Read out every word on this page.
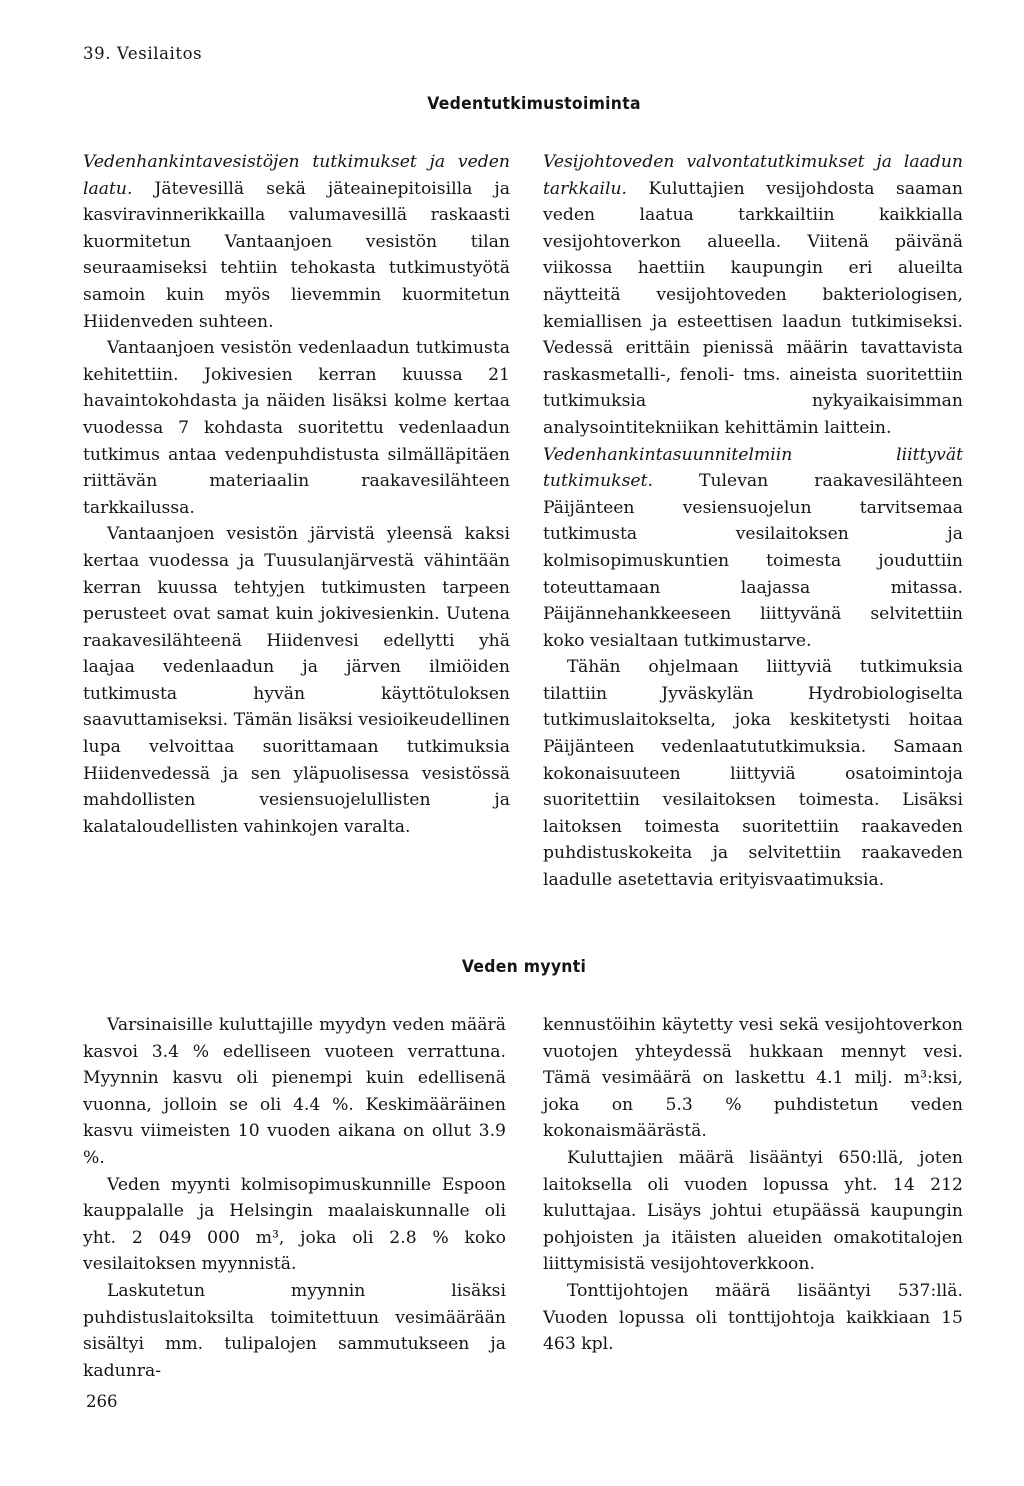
39. Vesilaitos
Vedentutkimustoiminta

Vedenhankintavesistöjen tutkimukset ja veden laatu. Jätevesillä sekä jäteainepitoisilla ja kasviravinnerikkailla valumavesillä raskaasti kuormitetun Vantaanjoen vesistön tilan seuraamiseksi tehtiin tehokasta tutkimustyötä samoin kuin myös lievemmin kuormitetun Hiidenveden suhteen.

Vantaanjoen vesistön vedenlaadun tutkimusta kehitettiin. Jokivesien kerran kuussa 21 havaintokohdasta ja näiden lisäksi kolme kertaa vuodessa 7 kohdasta suoritettu vedenlaadun tutkimus antaa vedenpuhdistusta silmälläpitäen riittävän materiaalin raakavesilähteen tarkkailussa.

Vantaanjoen vesistön järvistä yleensä kaksi kertaa vuodessa ja Tuusulanjärvestä vähintään kerran kuussa tehtyjen tutkimusten tarpeen perusteet ovat samat kuin jokivesienkin. Uutena raakavesilähteenä Hiidenvesi edellytti yhä laajaa vedenlaadun ja järven ilmiöiden tutkimusta hyvän käyttötuloksen saavuttamiseksi. Tämän lisäksi vesioikeudellinen lupa velvoittaa suorittamaan tutkimuksia Hiidenvedessä ja sen yläpuolisessa vesistössä mahdollisten vesiensuojelullisten ja kalataloudellisten vahinkojen varalta.

Vesijohtoveden valvontatutkimukset ja laadun tarkkailu. Kuluttajien vesijohdosta saaman veden laatua tarkkailtiin kaikkialla vesijohtoverkon alueella. Viitenä päivänä viikossa haettiin kaupungin eri alueilta näytteitä vesijohtoveden bakteriologisen, kemiallisen ja esteettisen laadun tutkimiseksi. Vedessä erittäin pienissä määrin tavattavista raskasmetalli-, fenoli- tms. aineista suoritettiin tutkimuksia nykyaikaisimman analysointitekniikan kehittämin laittein.

Vedenhankintasuunnitelmiin liittyvät tutkimukset. Tulevan raakavesilähteen Päijänteen vesiensuojelun tarvitsemaa tutkimusta vesilaitoksen ja kolmisopimuskuntien toimesta jouduttiin toteuttamaan laajassa mitassa. Päijännehankkeeseen liittyvänä selvitettiin koko vesialtaan tutkimustarve.

Tähän ohjelmaan liittyviä tutkimuksia tilattiin Jyväskylän Hydrobiologiselta tutkimuslaitokselta, joka keskitetysti hoitaa Päijänteen vedenlaatututkimuksia. Samaan kokonaisuuteen liittyviä osatoimintoja suoritettiin vesilaitoksen toimesta. Lisäksi laitoksen toimesta suoritettiin raakaveden puhdistuskokeita ja selvitettiin raakaveden laadulle asetettavia erityisvaatimuksia.

Veden myynti

Varsinaisille kuluttajille myydyn veden määrä kasvoi 3.4 % edelliseen vuoteen verrattuna. Myynnin kasvu oli pienempi kuin edellisenä vuonna, jolloin se oli 4.4 %. Keskimääräinen kasvu viimeisten 10 vuoden aikana on ollut 3.9 %.

Veden myynti kolmisopimuskunnille Espoon kauppalalle ja Helsingin maalaiskunnalle oli yht. 2 049 000 m³, joka oli 2.8 % koko vesilaitoksen myynnistä.

Laskutetun myynnin lisäksi puhdistuslaitoksilta toimitettuun vesimäärään sisältyi mm. tulipalojen sammutukseen ja kadunra-

kennustöihin käytetty vesi sekä vesijohtoverkon vuotojen yhteydessä hukkaan mennyt vesi. Tämä vesimäärä on laskettu 4.1 milj. m³:ksi, joka on 5.3 % puhdistetun veden kokonaismäärästä.

Kuluttajien määrä lisääntyi 650:llä, joten laitoksella oli vuoden lopussa yht. 14 212 kuluttajaa. Lisäys johtui etupäässä kaupungin pohjoisten ja itäisten alueiden omakotitalojen liittymisistä vesijohtoverkkoon.

Tonttijohtojen määrä lisääntyi 537:llä. Vuoden lopussa oli tonttijohtoja kaikkiaan 15 463 kpl.

266
